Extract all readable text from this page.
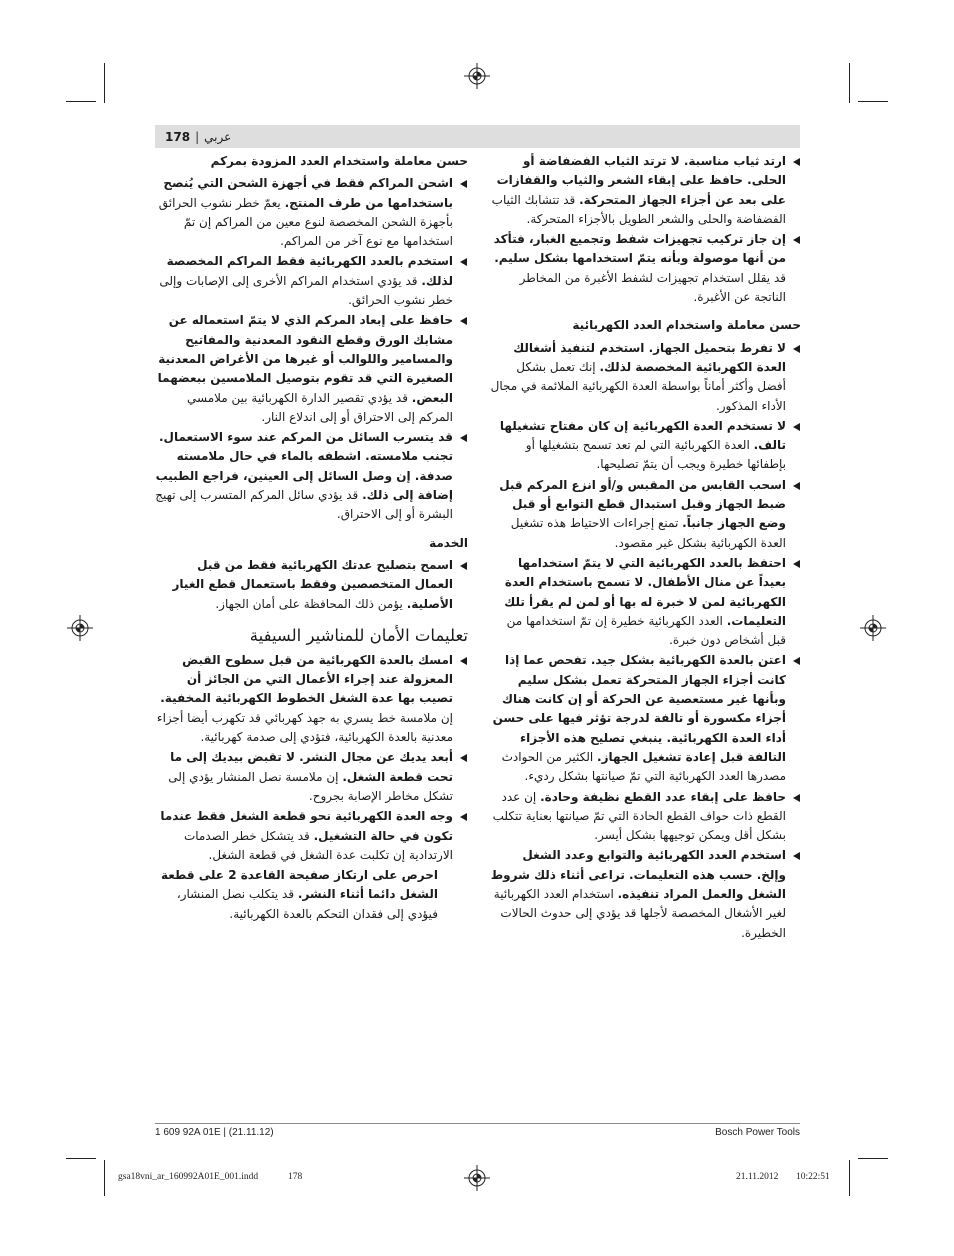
178 | عربي

ارتد ثياب مناسبة. لا ترتد الثياب الفضفاضة أو الحلى. حافظ على إبقاء الشعر والثياب والقفازات على بعد عن أجزاء الجهاز المتحركة. قد تتشابك الثياب الفضفاضة والحلى والشعر الطويل بالأجزاء المتحركة.

إن جاز تركيب تجهيزات شفط وتجميع الغبار، فتأكد من أنها موصولة وبأنه يتمّ استخدامها بشكل سليم. قد يقلل استخدام تجهيزات لشفط الأغبرة من المخاطر الناتجة عن الأغبرة.

حسن معاملة واستخدام العدد الكهربائية

لا تفرط بتحميل الجهاز. استخدم لتنفيذ أشغالك العدة الكهربائية المخصصة لذلك. إنك تعمل بشكل أفضل وأكثر أماناً بواسطة العدة الكهربائية الملائمة في مجال الأداء المذكور.

لا تستخدم العدة الكهربائية إن كان مفتاح تشغيلها تالف. العدة الكهربائية التي لم تعد تسمح بتشغيلها أو بإطفائها خطيرة ويجب أن يتمّ تصليحها.

اسحب القابس من المقبس و/أو انزع المركم قبل ضبط الجهاز وقبل استبدال قطع التوابع أو قبل وضع الجهاز جانباً. تمنع إجراءات الاحتياط هذه تشغيل العدة الكهربائية بشكل غير مقصود.

احتفظ بالعدد الكهربائية التي لا يتمّ استخدامها بعيداً عن منال الأطفال. لا تسمح باستخدام العدة الكهربائية لمن لا خبرة له بها أو لمن لم يقرأ تلك التعليمات. العدد الكهربائية خطيرة إن تمّ استخدامها من قبل أشخاص دون خبرة.

اعتن بالعدة الكهربائية بشكل جيد. تفحص عما إذا كانت أجزاء الجهاز المتحركة تعمل بشكل سليم وبأنها غير مستعصية عن الحركة أو إن كانت هناك أجزاء مكسورة أو تالفة لدرجة تؤثر فيها على حسن أداء العدة الكهربائية. ينبغي تصليح هذه الأجزاء التالفة قبل إعادة تشغيل الجهاز. الكثير من الحوادث مصدرها العدد الكهربائية التي تمّ صيانتها بشكل رديء.

حافظ على إبقاء عدد القطع نظيفة وحادة. إن عدد القطع ذات حواف القطع الحادة التي تمّ صيانتها بعناية تتكلب بشكل أقل ويمكن توجيهها بشكل أيسر.

استخدم العدد الكهربائية والتوابع وعدد الشغل وإلخ. حسب هذه التعليمات. تراعى أثناء ذلك شروط الشغل والعمل المراد تنفيذه. استخدام العدد الكهربائية لغير الأشغال المخصصة لأجلها قد يؤدي إلى حدوث الحالات الخطيرة.

حسن معاملة واستخدام العدد المزودة بمركم

اشحن المراكم فقط في أجهزة الشحن التي يُنصح باستخدامها من طرف المنتج. يعمّ خطر نشوب الحرائق بأجهزة الشحن المخصصة لنوع معين من المراكم إن تمّ استخدامها مع نوع آخر من المراكم.

استخدم بالعدد الكهربائية فقط المراكم المخصصة لذلك. قد يؤدي استخدام المراكم الأخرى إلى الإصابات وإلى خطر نشوب الحرائق.

حافظ على إبعاد المركم الذي لا يتمّ استعماله عن مشابك الورق وقطع النقود المعدنية والمفاتيح والمسامير واللوالب أو غيرها من الأغراض المعدنية الصغيرة التي قد تقوم بتوصيل الملامسين ببعضهما البعض. قد يؤدي تقصير الدارة الكهربائية بين ملامسي المركم إلى الاحتراق أو إلى اندلاع النار.

قد يتسرب السائل من المركم عند سوء الاستعمال. تجنب ملامسته. اشطفه بالماء في حال ملامسته صدفة. إن وصل السائل إلى العينين، فراجع الطبيب إضافة إلى ذلك. قد يؤدي سائل المركم المتسرب إلى تهيج البشرة أو إلى الاحتراق.

الخدمة

اسمح بتصليح عدتك الكهربائية فقط من قبل العمال المتخصصين وفقط باستعمال قطع الغيار الأصلية. يؤمن ذلك المحافظة على أمان الجهاز.

تعليمات الأمان للمناشير السيفية

امسك بالعدة الكهربائية من قبل سطوح القبض المعزولة عند إجراء الأعمال التي من الجائز أن تصيب بها عدة الشغل الخطوط الكهربائية المخفية. إن ملامسة خط يسري به جهد كهربائي قد تكهرب أيضا أجزاء معدنية بالعدة الكهربائية، فتؤدي إلى صدمة كهربائية.

أبعد يديك عن مجال النشر. لا تقبض بيديك إلى ما تحت قطعة الشغل. إن ملامسة نصل المنشار يؤدي إلى تشكل مخاطر الإصابة بجروح.

وجه العدة الكهربائية نحو قطعة الشغل فقط عندما تكون في حالة التشغيل. قد يتشكل خطر الصدمات الارتدادية إن تكلبت عدة الشغل في قطعة الشغل.

احرص على ارتكاز صفيحة القاعدة 2 على قطعة الشغل دائما أثناء النشر. قد يتكلب نصل المنشار، فيؤدي إلى فقدان التحكم بالعدة الكهربائية.

1 609 92A 01E | (21.11.12)	Bosch Power Tools
gsa18vni_ar_160992A01E_001.indd	178	21.11.2012 10:22:51
